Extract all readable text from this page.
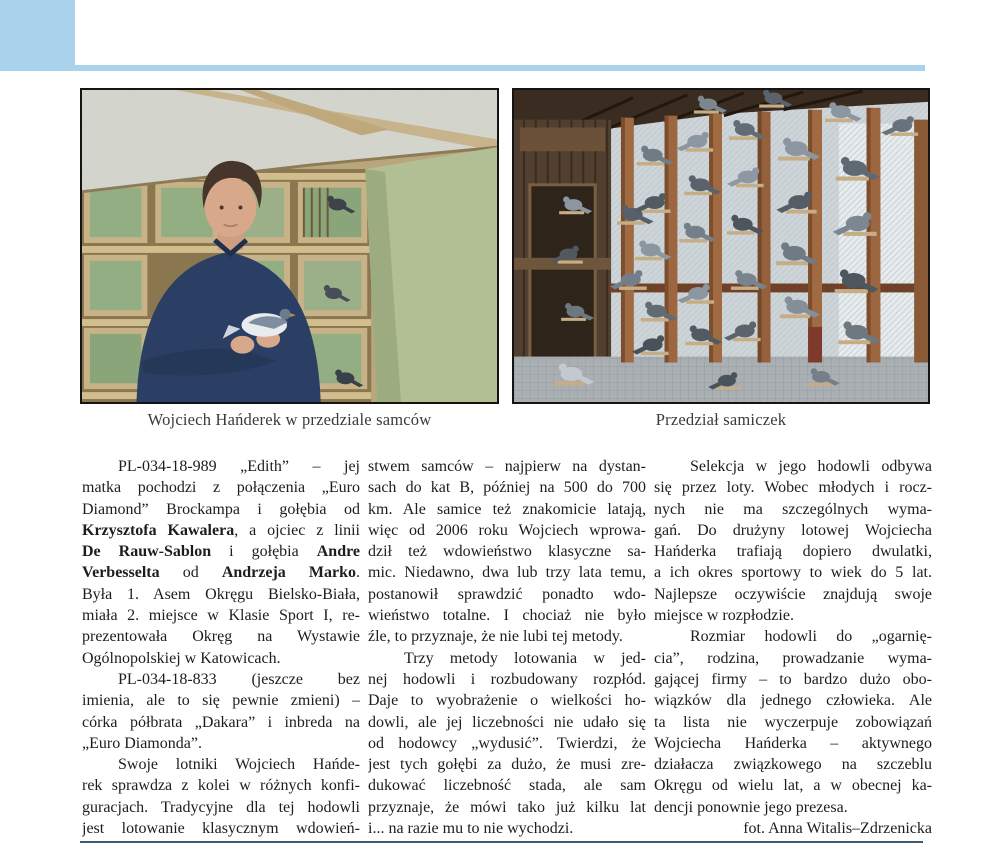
Wojciech Hańderek w przedziale samców	Przedział samiczek
PL-034-18-989 „Edith” – jej
matka pochodzi z połączenia „Euro
Diamond” Brockampa i gołębia od
Krzysztofa Kawalera, a ojciec z linii
De Rauw-Sablon i gołębia Andre
Verbesselta od Andrzeja Marko.
Była 1. Asem Okręgu Bielsko-Biała,
miała 2. miejsce w Klasie Sport I, re-
prezentowała Okręg na Wystawie
Ogólnopolskiej w Katowicach.
PL-034-18-833 (jeszcze bez
imienia, ale to się pewnie zmieni) –
córka półbrata „Dakara” i inbreda na
„Euro Diamonda”.
Swoje lotniki Wojciech Hańde-
rek sprawdza z kolei w różnych konfi-
guracjach. Tradycyjne dla tej hodowli
jest lotowanie klasycznym wdowień-
stwem samców – najpierw na dystan-
sach do kat B, później na 500 do 700
km. Ale samice też znakomicie latają,
więc od 2006 roku Wojciech wprowa-
dził też wdowieństwo klasyczne sa-
mic. Niedawno, dwa lub trzy lata temu,
postanowił sprawdzić ponadto wdo-
wieństwo totalne. I chociaż nie było
źle, to przyznaje, że nie lubi tej metody.
Trzy metody lotowania w jed-
nej hodowli i rozbudowany rozpłód.
Daje to wyobrażenie o wielkości ho-
dowli, ale jej liczebności nie udało się
od hodowcy „wydusić”. Twierdzi, że
jest tych gołębi za dużo, że musi zre-
dukować liczebność stada, ale sam
przyznaje, że mówi tako już kilku lat
i... na razie mu to nie wychodzi.
Selekcja w jego hodowli odbywa
się przez loty. Wobec młodych i rocz-
nych nie ma szczególnych wyma-
gań. Do drużyny lotowej Wojciecha
Hańderka trafiają dopiero dwulatki,
a ich okres sportowy to wiek do 5 lat.
Najlepsze oczywiście znajdują swoje
miejsce w rozpłodzie.
Rozmiar hodowli do „ogarnię-
cia”, rodzina, prowadzanie wyma-
gającej firmy – to bardzo dużo obo-
wiązków dla jednego człowieka. Ale
ta lista nie wyczerpuje zobowiązań
Wojciecha Hańderka – aktywnego
działacza związkowego na szczeblu
Okręgu od wielu lat, a w obecnej ka-
dencji ponownie jego prezesa.
fot. Anna Witalis–Zdrzenicka
